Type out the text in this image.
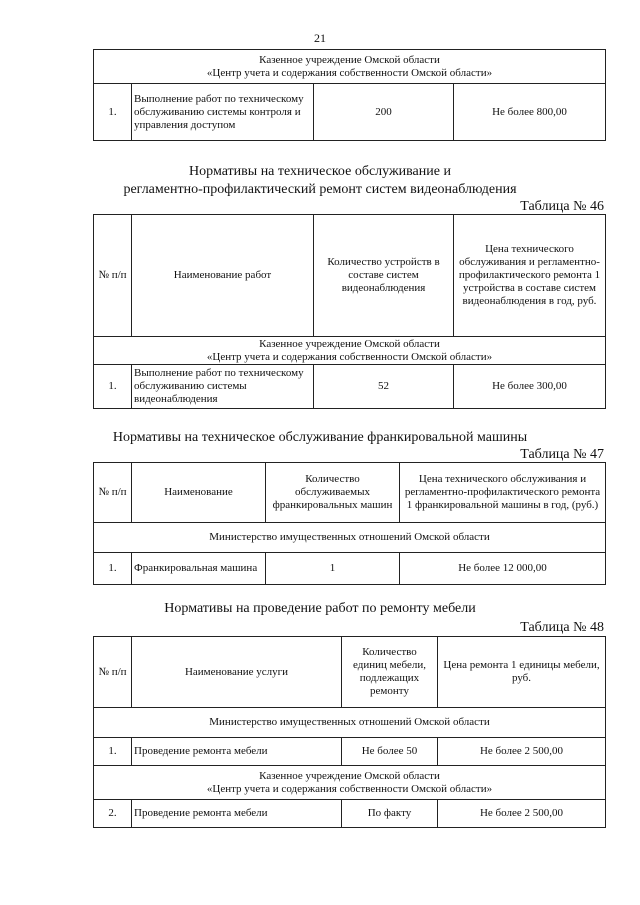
21
Казенное учреждение Омской области
«Центр учета и содержания собственности Омской области»

1.	Выполнение работ по техническому обслуживанию системы контроля и управления доступом	200	Не более 800,00
Нормативы на техническое обслуживание и
регламентно-профилактический ремонт систем видеонаблюдения
Таблица № 46
№ п/п	Наименование работ	Количество устройств в составе систем видеонаблюдения	Цена технического обслуживания и регламентно-профилактического ремонта 1 устройства в составе систем видеонаблюдения в год, руб.

Казенное учреждение Омской области
«Центр учета и содержания собственности Омской области»			

1.	Выполнение работ по техническому обслуживанию системы видеонаблюдения	52	Не более 300,00
Нормативы на техническое обслуживание франкировальной машины
Таблица № 47
№ п/п	Наименование	Количество обслуживаемых франкировальных машин	Цена технического обслуживания и регламентно-профилактического ремонта 1 франкировальной машины в год, (руб.)
Министерство имущественных отношений Омской области			
1.	Франкировальная машина	1	Не более 12 000,00
Нормативы на проведение работ по ремонту мебели
Таблица № 48
№ п/п	Наименование услуги	Количество единиц мебели, подлежащих ремонту	Цена ремонта 1 единицы мебели, руб.
Министерство имущественных отношений Омской области			
1.	Проведение ремонта мебели	Не более 50	Не более 2 500,00

Казенное учреждение Омской области
«Центр учета и содержания собственности Омской области»			

2.	Проведение ремонта мебели	По факту	Не более 2 500,00
